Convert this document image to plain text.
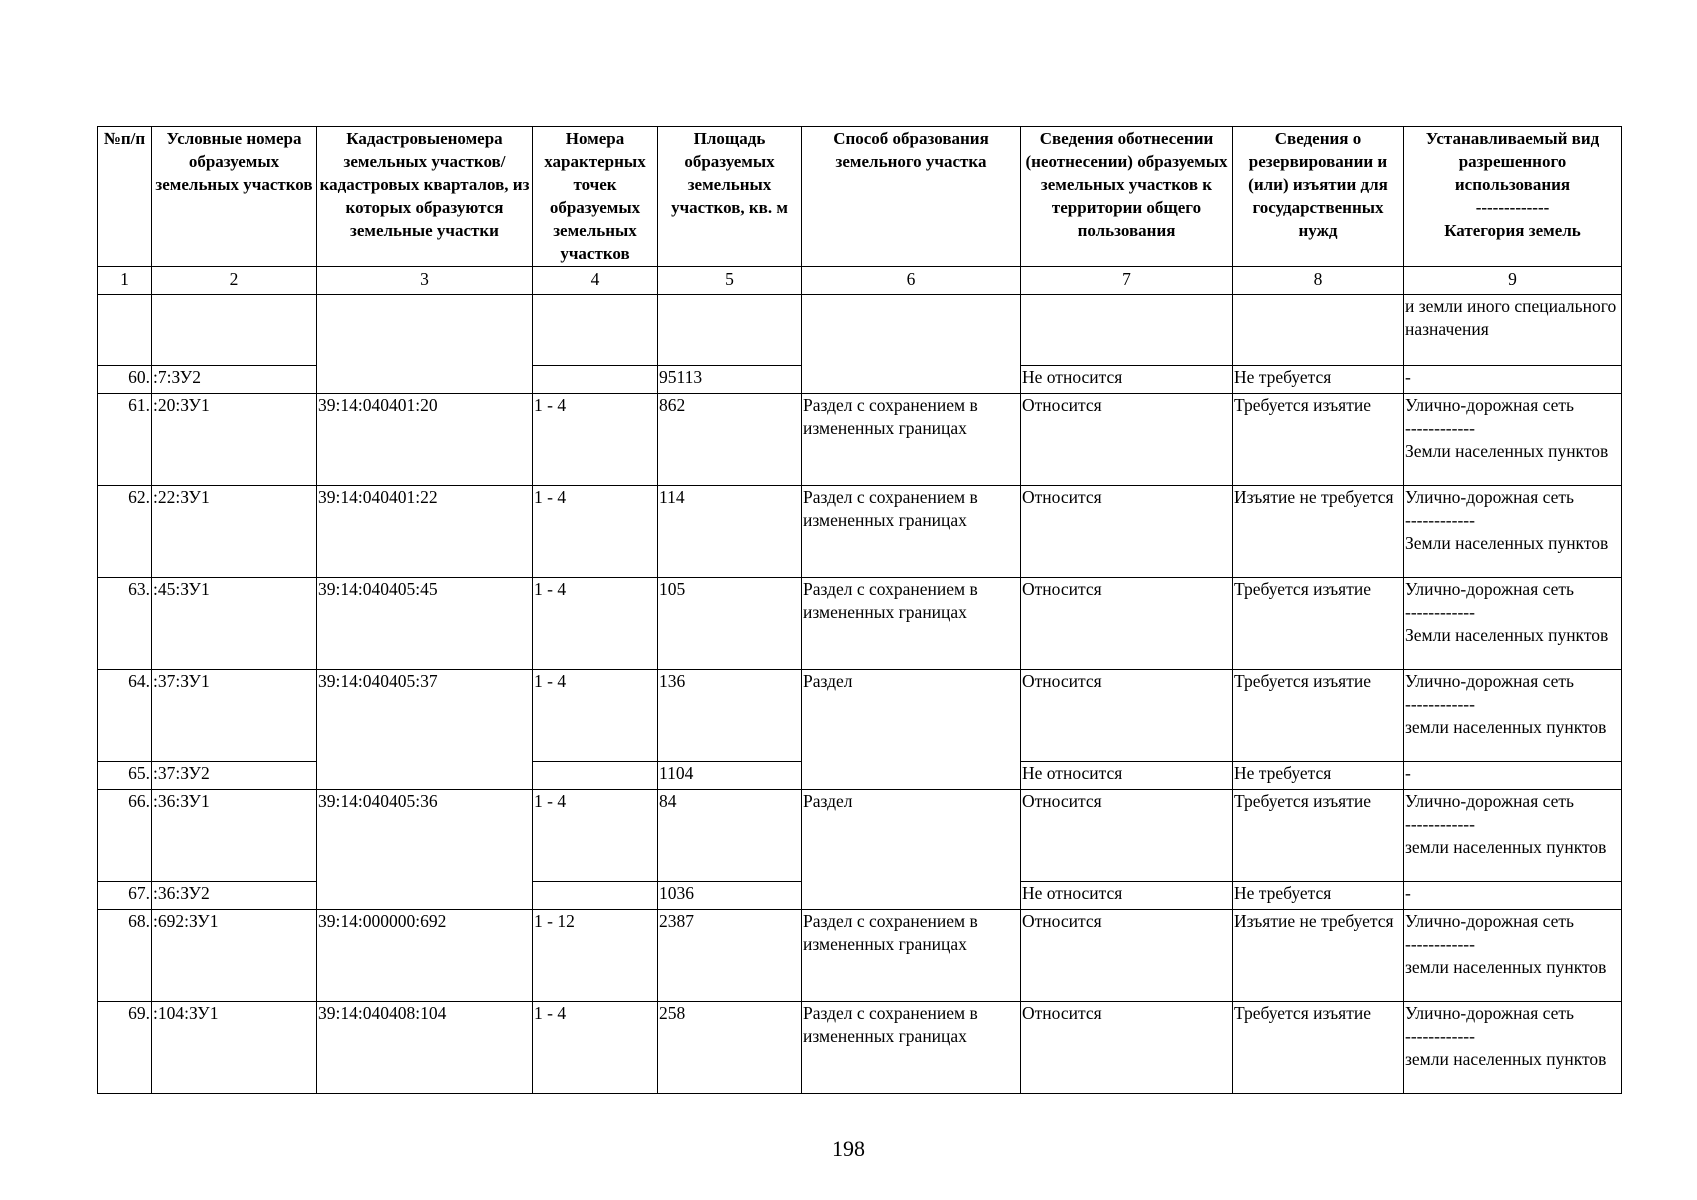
№п/п	Условные номера образуемых земельных участков	Кадастровыеномера земельных участков/кадастровых кварталов, из которых образуются земельные участки	Номера характерных точек образуемых земельных участков	Площадь образуемых земельных участков, кв. м	Способ образования земельного участка	Сведения оботнесении (неотнесении) образуемых земельных участков к территории общего пользования	Сведения о резервировании и (или) изъятии для государственных нужд	Устанавливаемый вид разрешенного использования
-------------
Категория земель

1	2	3	4	5	6	7	8	9
								и земли иного специального назначения
60.	:7:ЗУ2			95113		Не относится	Не требуется	-
61.	:20:ЗУ1	39:14:040401:20	1 - 4	862	Раздел с сохранением в измененных границах	Относится	Требуется изъятие	Улично-дорожная сеть
------------
Земли населенных пунктов

62.	:22:ЗУ1	39:14:040401:22	1 - 4	114	Раздел с сохранением в измененных границах	Относится	Изъятие не требуется	Улично-дорожная сеть
------------
Земли населенных пунктов

63.	:45:ЗУ1	39:14:040405:45	1 - 4	105	Раздел с сохранением в измененных границах	Относится	Требуется изъятие	Улично-дорожная сеть
------------
Земли населенных пунктов

64.	:37:ЗУ1	39:14:040405:37	1 - 4	136	Раздел	Относится	Требуется изъятие	Улично-дорожная сеть
------------
земли населенных пунктов

65.	:37:ЗУ2			1104		Не относится	Не требуется	-
66.	:36:ЗУ1	39:14:040405:36	1 - 4	84	Раздел	Относится	Требуется изъятие	Улично-дорожная сеть
------------
земли населенных пунктов

67.	:36:ЗУ2			1036		Не относится	Не требуется	-
68.	:692:ЗУ1	39:14:000000:692	1 - 12	2387	Раздел с сохранением в измененных границах	Относится	Изъятие не требуется	Улично-дорожная сеть
------------
земли населенных пунктов

69.	:104:ЗУ1	39:14:040408:104	1 - 4	258	Раздел с сохранением в измененных границах	Относится	Требуется изъятие	Улично-дорожная сеть
------------
земли населенных пунктов
198
